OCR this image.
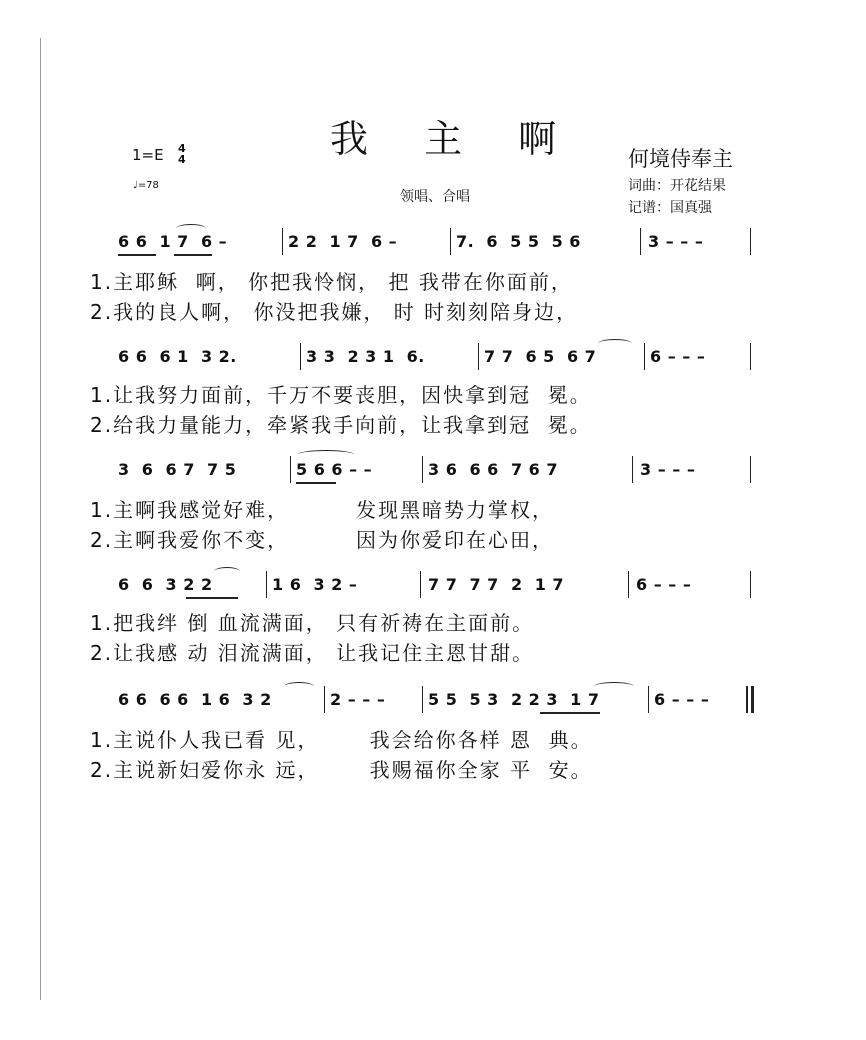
我 主 啊
1=E 4
4
♩=78
领唱、合唱
何境侍奉主
词曲：开花结果
记谱：国真强
6 6  1 7  6 –	2 2  1 7  6 –	7.  6  5 5  5 6	3 – – –
1.主耶稣  啊， 你把我怜悯， 把 我带在你面前，
2.我的良人啊， 你没把我嫌， 时 时刻刻陪身边，
6 6  6 1  3 2.	3 3  2 3 1  6.	7 7  6 5  6 7	6 – – –
1.让我努力面前，千万不要丧胆，因快拿到冠  冕。
2.给我力量能力，牵紧我手向前，让我拿到冠  冕。
3  6  6 7  7 5	5 6 6 – –	3 6  6 6  7 6 7	3 – – –
1.主啊我感觉好难，        发现黑暗势力掌权，
2.主啊我爱你不变，        因为你爱印在心田，
6  6  3 2 2	1 6  3 2 –	7 7  7 7  2  1 7	6 – – –
1.把我绊 倒 血流满面， 只有祈祷在主面前。
2.让我感 动 泪流满面， 让我记住主恩甘甜。
6 6  6 6  1 6  3 2	2 – – –	5 5  5 3  2 2 3  1 7	6 – – –
1.主说仆人我已看 见，      我会给你各样 恩  典。
2.主说新妇爱你永 远，      我赐福你全家 平  安。
